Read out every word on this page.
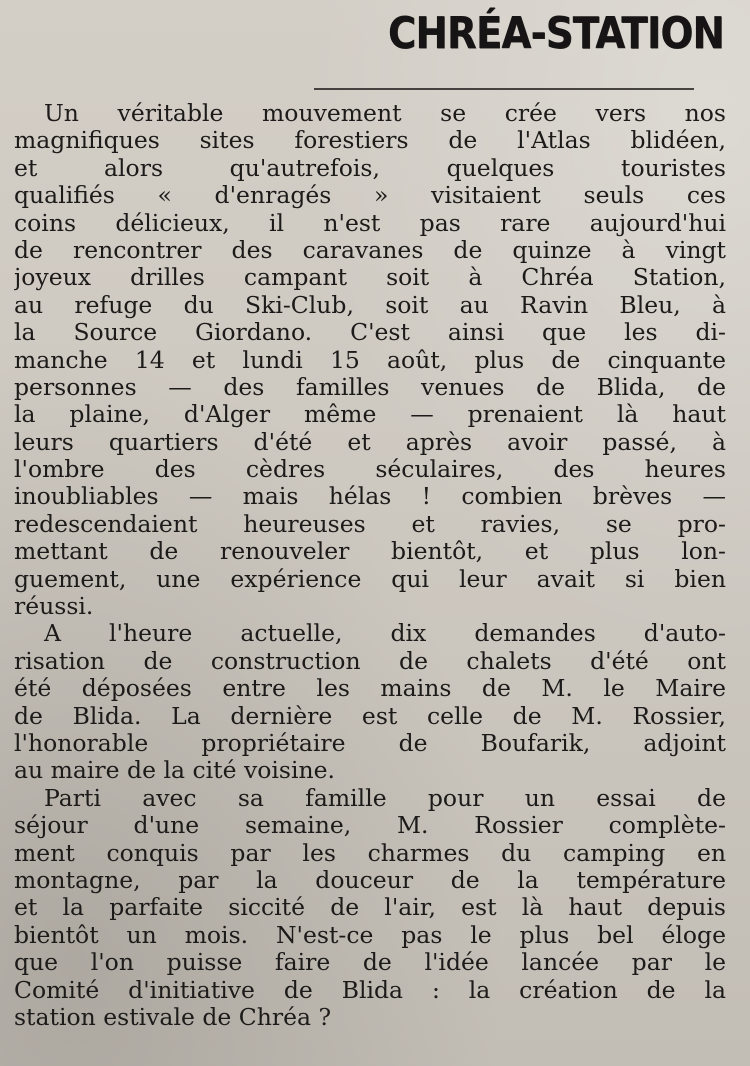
CHRÉA-STATION
Un véritable mouvement se crée vers nos
magnifiques sites forestiers de l'Atlas blidéen,
et alors qu'autrefois, quelques touristes
qualifiés « d'enragés » visitaient seuls ces
coins délicieux, il n'est pas rare aujourd'hui
de rencontrer des caravanes de quinze à vingt
joyeux drilles campant soit à Chréa Station,
au refuge du Ski-Club, soit au Ravin Bleu, à
la Source Giordano. C'est ainsi que les di-
manche 14 et lundi 15 août, plus de cinquante
personnes — des familles venues de Blida, de
la plaine, d'Alger même — prenaient là haut
leurs quartiers d'été et après avoir passé, à
l'ombre des cèdres séculaires, des heures
inoubliables — mais hélas ! combien brèves —
redescendaient heureuses et ravies, se pro-
mettant de renouveler bientôt, et plus lon-
guement, une expérience qui leur avait si bien
réussi.
A l'heure actuelle, dix demandes d'auto-
risation de construction de chalets d'été ont
été déposées entre les mains de M. le Maire
de Blida. La dernière est celle de M. Rossier,
l'honorable propriétaire de Boufarik, adjoint
au maire de la cité voisine.
Parti avec sa famille pour un essai de
séjour d'une semaine, M. Rossier complète-
ment conquis par les charmes du camping en
montagne, par la douceur de la température
et la parfaite siccité de l'air, est là haut depuis
bientôt un mois. N'est-ce pas le plus bel éloge
que l'on puisse faire de l'idée lancée par le
Comité d'initiative de Blida : la création de la
station estivale de Chréa ?
